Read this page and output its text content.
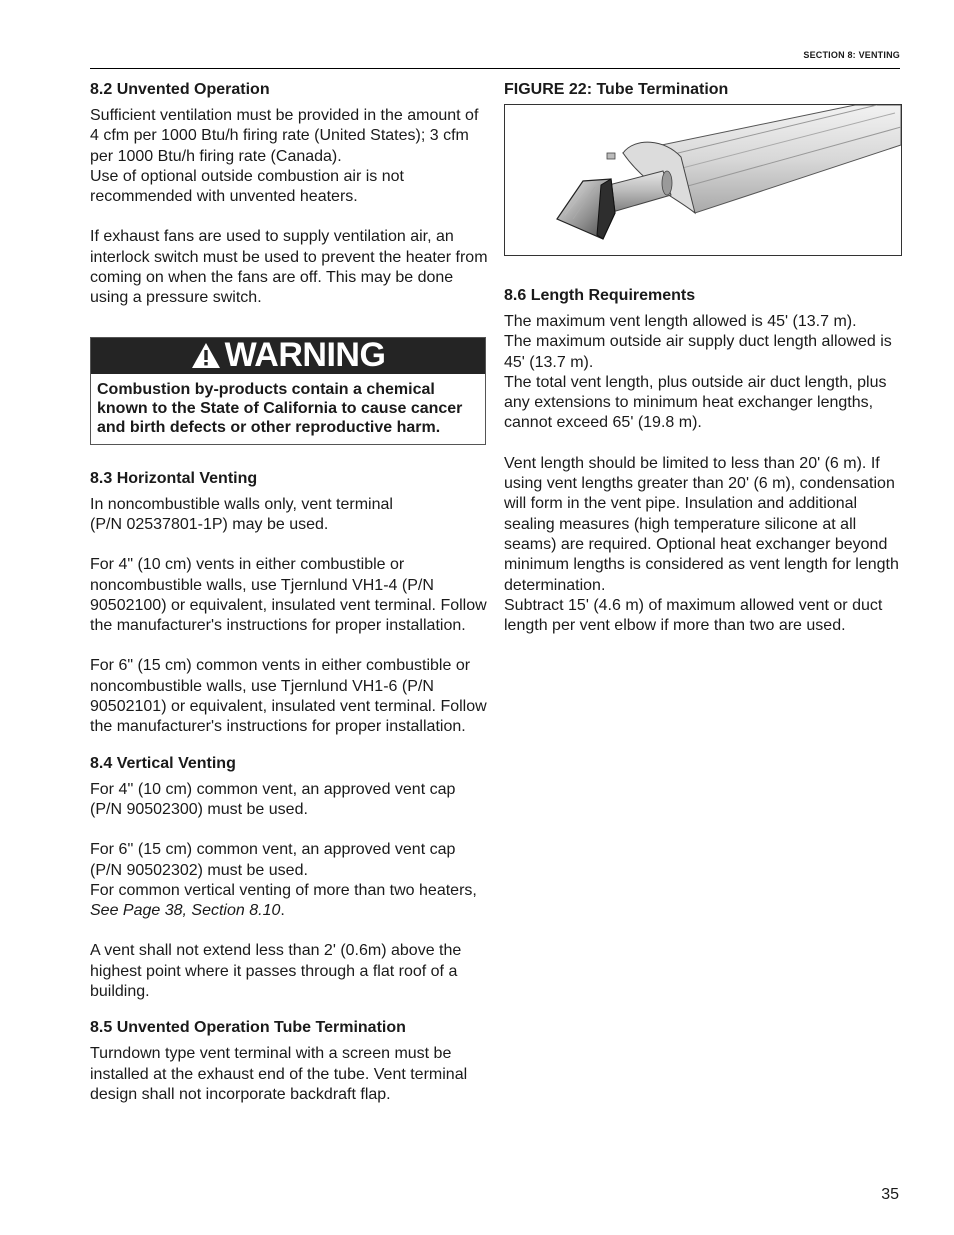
SECTION 8: VENTING
8.2 Unvented Operation

Sufficient ventilation must be provided in the amount of 4 cfm per 1000 Btu/h firing rate (United States); 3 cfm per 1000 Btu/h firing rate (Canada).

Use of optional outside combustion air is not recommended with unvented heaters.

If exhaust fans are used to supply ventilation air, an interlock switch must be used to prevent the heater from coming on when the fans are off. This may be done using a pressure switch.

WARNING
Combustion by-products contain a chemical known to the State of California to cause cancer and birth defects or other reproductive harm.
8.3 Horizontal Venting

In noncombustible walls only, vent terminal

(P/N 02537801-1P) may be used.

For 4" (10 cm) vents in either combustible or noncombustible walls, use Tjernlund VH1-4 (P/N 90502100) or equivalent, insulated vent terminal. Follow the manufacturer's instructions for proper installation.

For 6" (15 cm) common vents in either combustible or noncombustible walls, use Tjernlund VH1-6 (P/N 90502101) or equivalent, insulated vent terminal. Follow the manufacturer's instructions for proper installation.

8.4 Vertical Venting

For 4'' (10 cm) common vent, an approved vent cap (P/N 90502300) must be used.

For 6'' (15 cm) common vent, an approved vent cap (P/N 90502302) must be used.

For common vertical venting of more than two heaters, See Page 38, Section 8.10.

A vent shall not extend less than 2' (0.6m) above the highest point where it passes through a flat roof of a building.

8.5 Unvented Operation Tube Termination

Turndown type vent terminal with a screen must be installed at the exhaust end of the tube. Vent terminal design shall not incorporate backdraft flap.

FIGURE 22: Tube Termination
8.6 Length Requirements

The maximum vent length allowed is 45' (13.7 m).

The maximum outside air supply duct length allowed is 45' (13.7 m).

The total vent length, plus outside air duct length, plus any extensions to minimum heat exchanger lengths, cannot exceed 65' (19.8 m).

Vent length should be limited to less than 20' (6 m). If using vent lengths greater than 20' (6 m), condensation will form in the vent pipe. Insulation and additional sealing measures (high temperature silicone at all seams) are required. Optional heat exchanger beyond minimum lengths is considered as vent length for length determination.

Subtract 15' (4.6 m) of maximum allowed vent or duct length per vent elbow if more than two are used.

35
